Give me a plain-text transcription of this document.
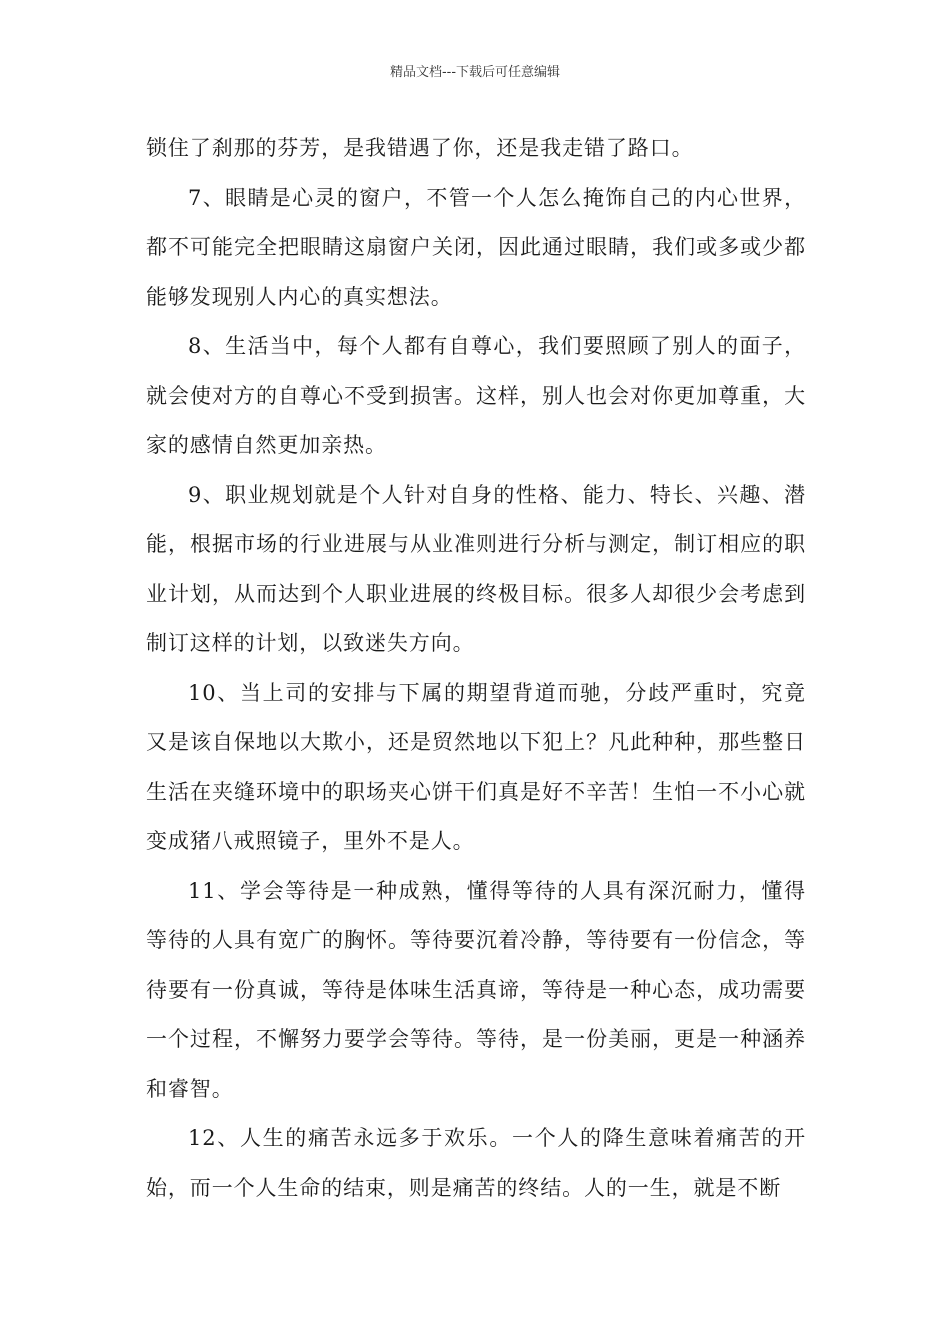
精品文档---下载后可任意编辑

锁住了刹那的芬芳，是我错遇了你，还是我走错了路口。

7、眼睛是心灵的窗户，不管一个人怎么掩饰自己的内心世界，都不可能完全把眼睛这扇窗户关闭，因此通过眼睛，我们或多或少都能够发现别人内心的真实想法。

8、生活当中，每个人都有自尊心，我们要照顾了别人的面子，就会使对方的自尊心不受到损害。这样，别人也会对你更加尊重，大家的感情自然更加亲热。

9、职业规划就是个人针对自身的性格、能力、特长、兴趣、潜能，根据市场的行业进展与从业准则进行分析与测定，制订相应的职业计划，从而达到个人职业进展的终极目标。很多人却很少会考虑到制订这样的计划，以致迷失方向。

10、当上司的安排与下属的期望背道而驰，分歧严重时，究竟又是该自保地以大欺小，还是贸然地以下犯上？凡此种种，那些整日生活在夹缝环境中的职场夹心饼干们真是好不辛苦！生怕一不小心就变成猪八戒照镜子，里外不是人。

11、学会等待是一种成熟，懂得等待的人具有深沉耐力，懂得等待的人具有宽广的胸怀。等待要沉着冷静，等待要有一份信念，等待要有一份真诚，等待是体味生活真谛，等待是一种心态，成功需要一个过程，不懈努力要学会等待。等待，是一份美丽，更是一种涵养和睿智。

12、人生的痛苦永远多于欢乐。一个人的降生意味着痛苦的开始，而一个人生命的结束，则是痛苦的终结。人的一生，就是不断
